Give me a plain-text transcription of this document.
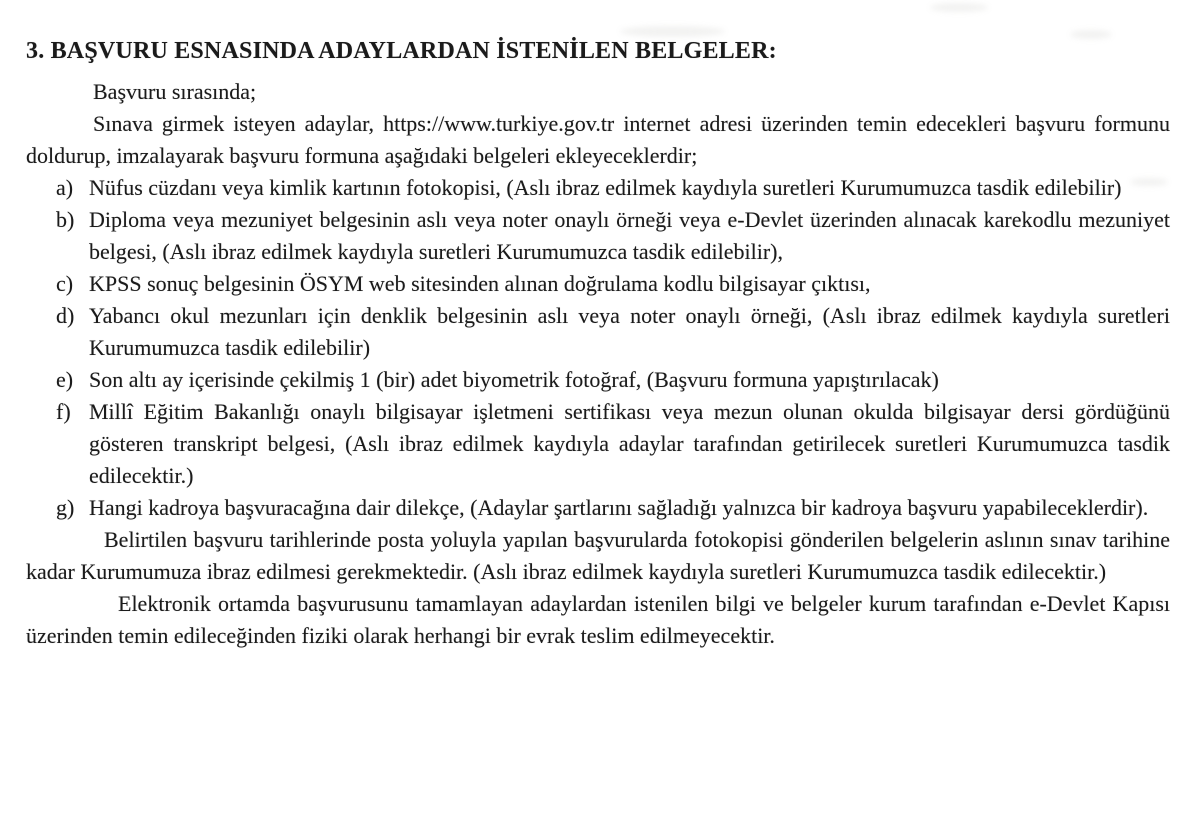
3. BAŞVURU ESNASINDA ADAYLARDAN İSTENİLEN BELGELER:

Başvuru sırasında;

Sınava girmek isteyen adaylar, https://www.turkiye.gov.tr internet adresi üzerinden temin edecekleri başvuru formunu doldurup, imzalayarak başvuru formuna aşağıdaki belgeleri ekleyeceklerdir;

a) Nüfus cüzdanı veya kimlik kartının fotokopisi, (Aslı ibraz edilmek kaydıyla suretleri Kurumumuzca tasdik edilebilir)
b) Diploma veya mezuniyet belgesinin aslı veya noter onaylı örneği veya e-Devlet üzerinden alınacak karekodlu mezuniyet belgesi, (Aslı ibraz edilmek kaydıyla suretleri Kurumumuzca tasdik edilebilir),
c) KPSS sonuç belgesinin ÖSYM web sitesinden alınan doğrulama kodlu bilgisayar çıktısı,
d) Yabancı okul mezunları için denklik belgesinin aslı veya noter onaylı örneği, (Aslı ibraz edilmek kaydıyla suretleri Kurumumuzca tasdik edilebilir)
e) Son altı ay içerisinde çekilmiş 1 (bir) adet biyometrik fotoğraf, (Başvuru formuna yapıştırılacak)
f) Millî Eğitim Bakanlığı onaylı bilgisayar işletmeni sertifikası veya mezun olunan okulda bilgisayar dersi gördüğünü gösteren transkript belgesi, (Aslı ibraz edilmek kaydıyla adaylar tarafından getirilecek suretleri Kurumumuzca tasdik edilecektir.)
g) Hangi kadroya başvuracağına dair dilekçe, (Adaylar şartlarını sağladığı yalnızca bir kadroya başvuru yapabileceklerdir).

Belirtilen başvuru tarihlerinde posta yoluyla yapılan başvurularda fotokopisi gönderilen belgelerin aslının sınav tarihine kadar Kurumumuza ibraz edilmesi gerekmektedir. (Aslı ibraz edilmek kaydıyla suretleri Kurumumuzca tasdik edilecektir.)

Elektronik ortamda başvurusunu tamamlayan adaylardan istenilen bilgi ve belgeler kurum tarafından e-Devlet Kapısı üzerinden temin edileceğinden fiziki olarak herhangi bir evrak teslim edilmeyecektir.
